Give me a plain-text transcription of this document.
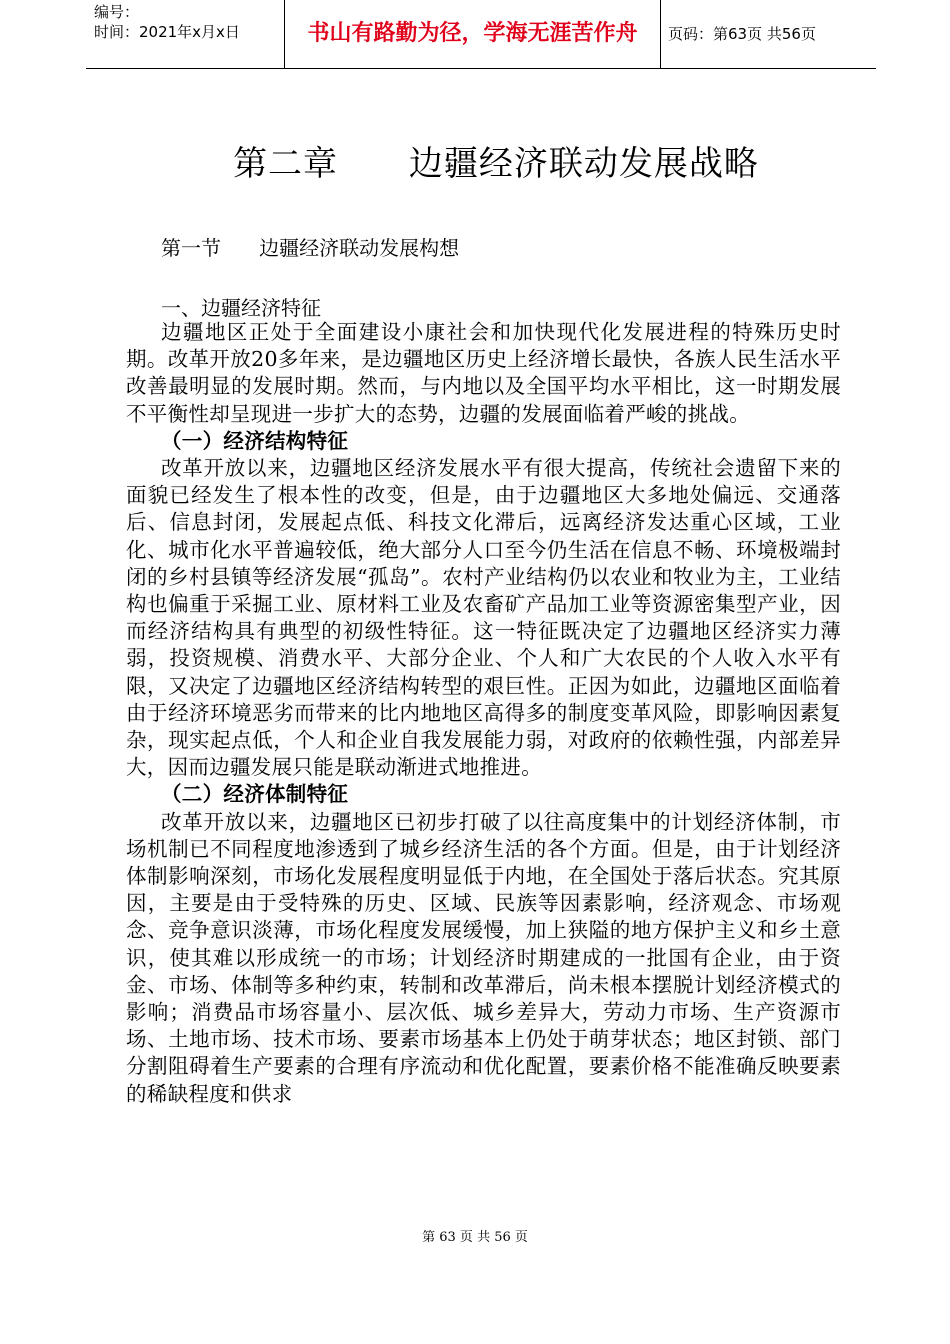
编号：
时间：2021年x月x日	书山有路勤为径，学海无涯苦作舟	页码：第63页 共56页
第二章      边疆经济联动发展战略
第一节      边疆经济联动发展构想
一、边疆经济特征

边疆地区正处于全面建设小康社会和加快现代化发展进程的特殊历史时期。改革开放20多年来，是边疆地区历史上经济增长最快，各族人民生活水平改善最明显的发展时期。然而，与内地以及全国平均水平相比，这一时期发展不平衡性却呈现进一步扩大的态势，边疆的发展面临着严峻的挑战。

（一）经济结构特征

改革开放以来，边疆地区经济发展水平有很大提高，传统社会遗留下来的面貌已经发生了根本性的改变，但是，由于边疆地区大多地处偏远、交通落后、信息封闭，发展起点低、科技文化滞后，远离经济发达重心区域，工业化、城市化水平普遍较低，绝大部分人口至今仍生活在信息不畅、环境极端封闭的乡村县镇等经济发展“孤岛”。农村产业结构仍以农业和牧业为主，工业结构也偏重于采掘工业、原材料工业及农畜矿产品加工业等资源密集型产业，因而经济结构具有典型的初级性特征。这一特征既决定了边疆地区经济实力薄弱，投资规模、消费水平、大部分企业、个人和广大农民的个人收入水平有限，又决定了边疆地区经济结构转型的艰巨性。正因为如此，边疆地区面临着由于经济环境恶劣而带来的比内地地区高得多的制度变革风险，即影响因素复杂，现实起点低，个人和企业自我发展能力弱，对政府的依赖性强，内部差异大，因而边疆发展只能是联动渐进式地推进。

（二）经济体制特征

改革开放以来，边疆地区已初步打破了以往高度集中的计划经济体制，市场机制已不同程度地渗透到了城乡经济生活的各个方面。但是，由于计划经济体制影响深刻，市场化发展程度明显低于内地，在全国处于落后状态。究其原因，主要是由于受特殊的历史、区域、民族等因素影响，经济观念、市场观念、竞争意识淡薄，市场化程度发展缓慢，加上狭隘的地方保护主义和乡土意识，使其难以形成统一的市场；计划经济时期建成的一批国有企业，由于资金、市场、体制等多种约束，转制和改革滞后，尚未根本摆脱计划经济模式的影响；消费品市场容量小、层次低、城乡差异大，劳动力市场、生产资源市场、土地市场、技术市场、要素市场基本上仍处于萌芽状态；地区封锁、部门分割阻碍着生产要素的合理有序流动和优化配置，要素价格不能准确反映要素的稀缺程度和供求

第 63 页 共 56 页
